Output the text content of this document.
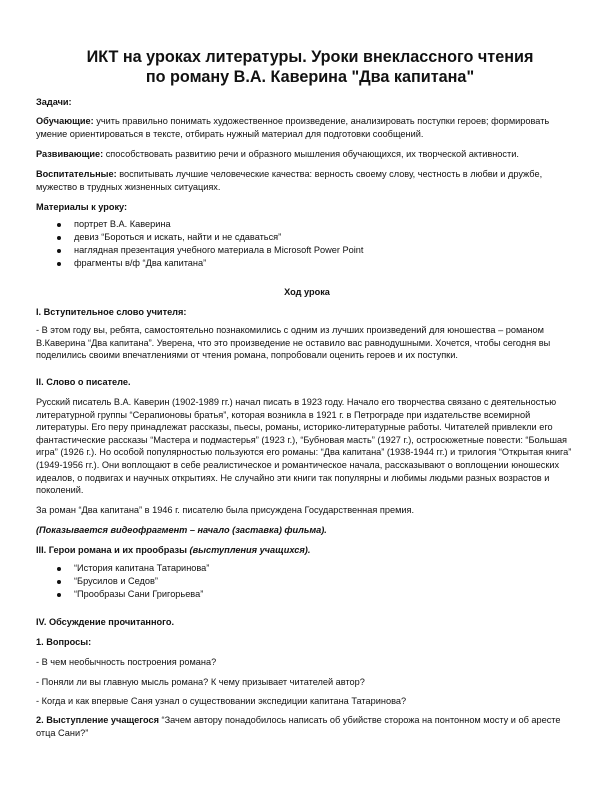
ИКТ на уроках литературы. Уроки внеклассного чтения
по роману В.А. Каверина "Два капитана"

Задачи:

Обучающие: учить правильно понимать художественное произведение, анализировать поступки героев; формировать умение ориентироваться в тексте, отбирать нужный материал для подготовки сообщений.

Развивающие: способствовать развитию речи и образного мышления обучающихся, их творческой активности.

Воспитательные: воспитывать лучшие человеческие качества: верность своему слову, честность в любви и дружбе, мужество в трудных жизненных ситуациях.

Материалы к уроку:

портрет В.А. Каверина
девиз “Бороться и искать, найти и не сдаваться”
наглядная презентация учебного материала в Microsoft Power Point
фрагменты в/ф “Два капитана”

Ход урока

I. Вступительное слово учителя:

- В этом году вы, ребята, самостоятельно познакомились с одним из лучших произведений для юношества – романом В.Каверина “Два капитана”. Уверена, что это произведение не оставило вас равнодушными. Хочется, чтобы сегодня вы поделились своими впечатлениями от чтения романа, попробовали оценить героев и их поступки.

II. Слово о писателе.

Русский писатель В.А. Каверин (1902-1989 гг.) начал писать в 1923 году. Начало его творчества связано с деятельностью литературной группы “Серапионовы братья”, которая возникла в 1921 г. в Петрограде при издательстве всемирной литературы. Его перу принадлежат рассказы, пьесы, романы, историко-литературные работы. Читателей привлекли его фантастические рассказы “Мастера и подмастерья” (1923 г.), “Бубновая масть” (1927 г.), остросюжетные повести: “Большая игра” (1926 г.). Но особой популярностью пользуются его романы: “Два капитана” (1938-1944 гг.) и трилогия “Открытая книга” (1949-1956 гг.). Они воплощают в себе реалистическое и романтическое начала, рассказывают о воплощении юношеских идеалов, о подвигах и научных открытиях. Не случайно эти книги так популярны и любимы людьми разных возрастов и поколений.

За роман “Два капитана” в 1946 г. писателю была присуждена Государственная премия.

(Показывается видеофрагмент – начало (заставка) фильма).

III. Герои романа и их прообразы (выступления учащихся).

“История капитана Татаринова”
“Брусилов и Седов”
“Прообразы Сани Григорьева”

IV. Обсуждение прочитанного.

1. Вопросы:

- В чем необычность построения романа?

- Поняли ли вы главную мысль романа? К чему призывает читателей автор?

- Когда и как впервые Саня узнал о существовании экспедиции капитана Татаринова?

2. Выступление учащегося “Зачем автору понадобилось написать об убийстве сторожа на понтонном мосту и об аресте отца Сани?”
